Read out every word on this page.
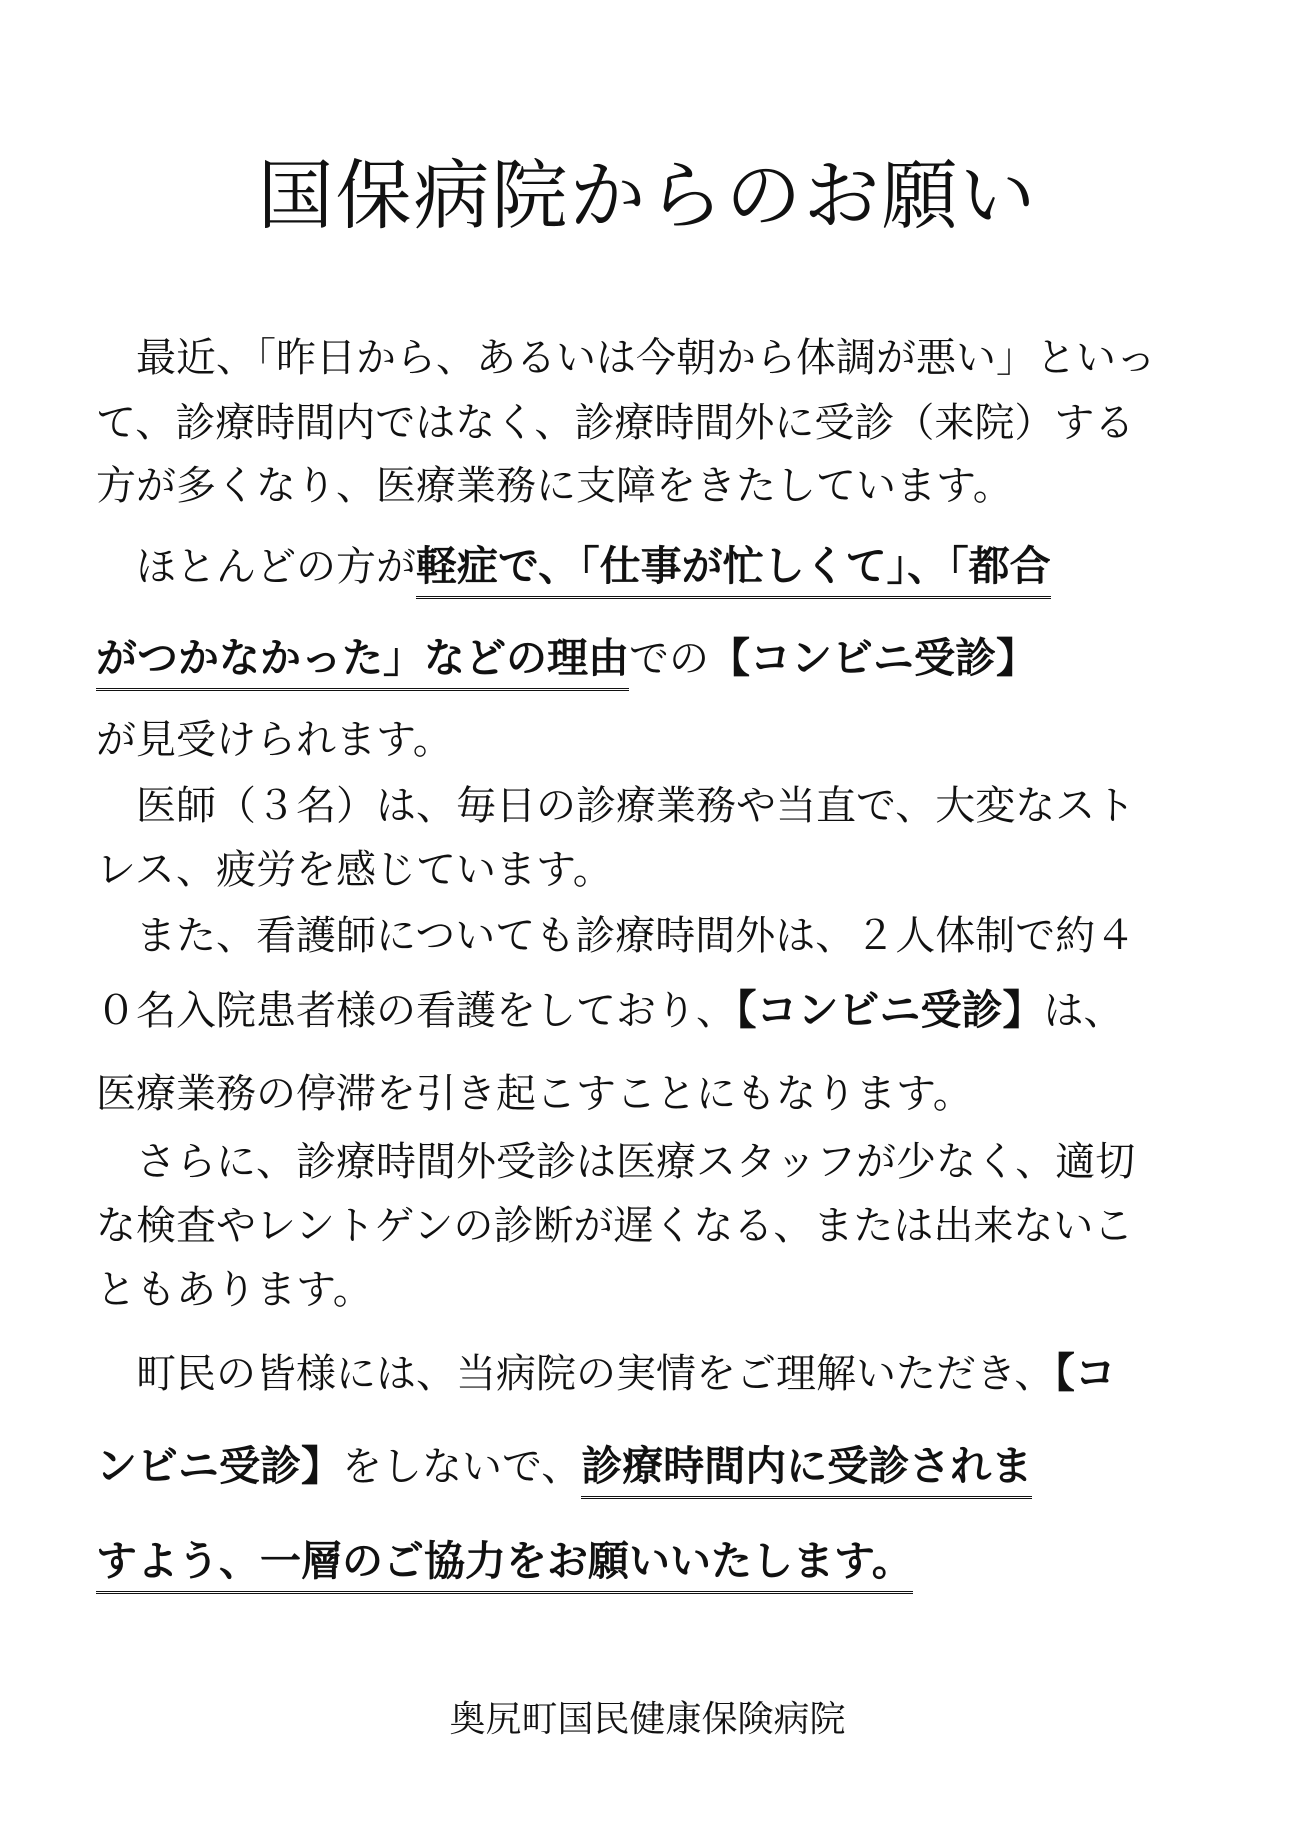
国保病院からのお願い
　最近、「昨日から、あるいは今朝から体調が悪い」といっ
て、診療時間内ではなく、診療時間外に受診（来院）する
方が多くなり、医療業務に支障をきたしています。
　ほとんどの方が軽症で、「仕事が忙しくて」、「都合
がつかなかった」などの理由での【コンビニ受診】
が見受けられます。
　医師（３名）は、毎日の診療業務や当直で、大変なスト
レス、疲労を感じています。
　また、看護師についても診療時間外は、２人体制で約４
０名入院患者様の看護をしており、【コンビニ受診】は、
医療業務の停滞を引き起こすことにもなります。
　さらに、診療時間外受診は医療スタッフが少なく、適切
な検査やレントゲンの診断が遅くなる、または出来ないこ
ともあります。
　町民の皆様には、当病院の実情をご理解いただき、【コ
ンビニ受診】をしないで、診療時間内に受診されま
すよう、一層のご協力をお願いいたします。
奥尻町国民健康保険病院
